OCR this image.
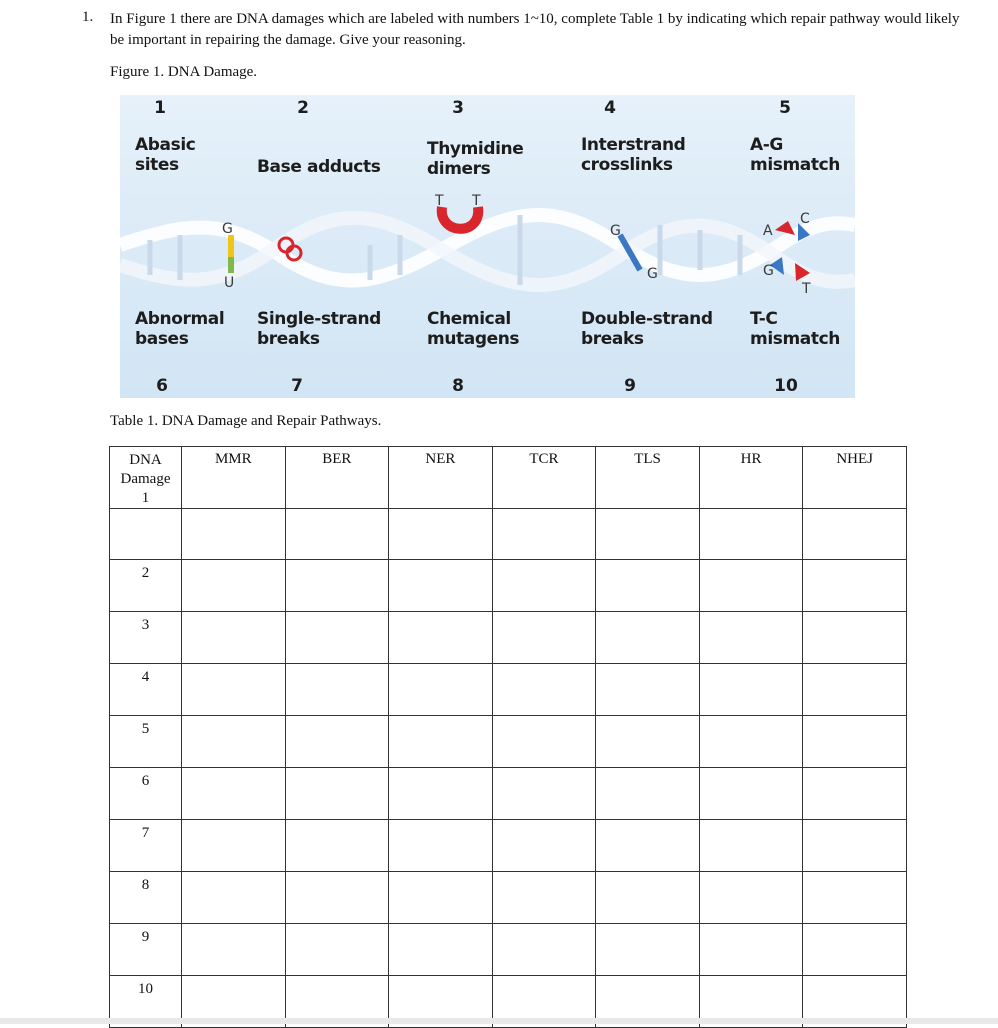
1. In Figure 1 there are DNA damages which are labeled with numbers 1~10, complete Table 1 by indicating which repair pathway would likely be important in repairing the damage. Give your reasoning.
Figure 1. DNA Damage.
G
U
T T
G
G
A
C
G
T
1
Abasic
sites
2
Base adducts
3
Thymidine
dimers
4
Interstrand
crosslinks
5
A-G
mismatch
Abnormal
bases
6
Single-strand
breaks
7
Chemical
mutagens
8
Double-strand
breaks
9
T-C
mismatch
10
Table 1. DNA Damage and Repair Pathways.
DNA
Damage
1	MMR	BER	NER	TCR	TLS	HR	NHEJ

2							
3							
4							
5							
6							
7							
8							
9							
10							
